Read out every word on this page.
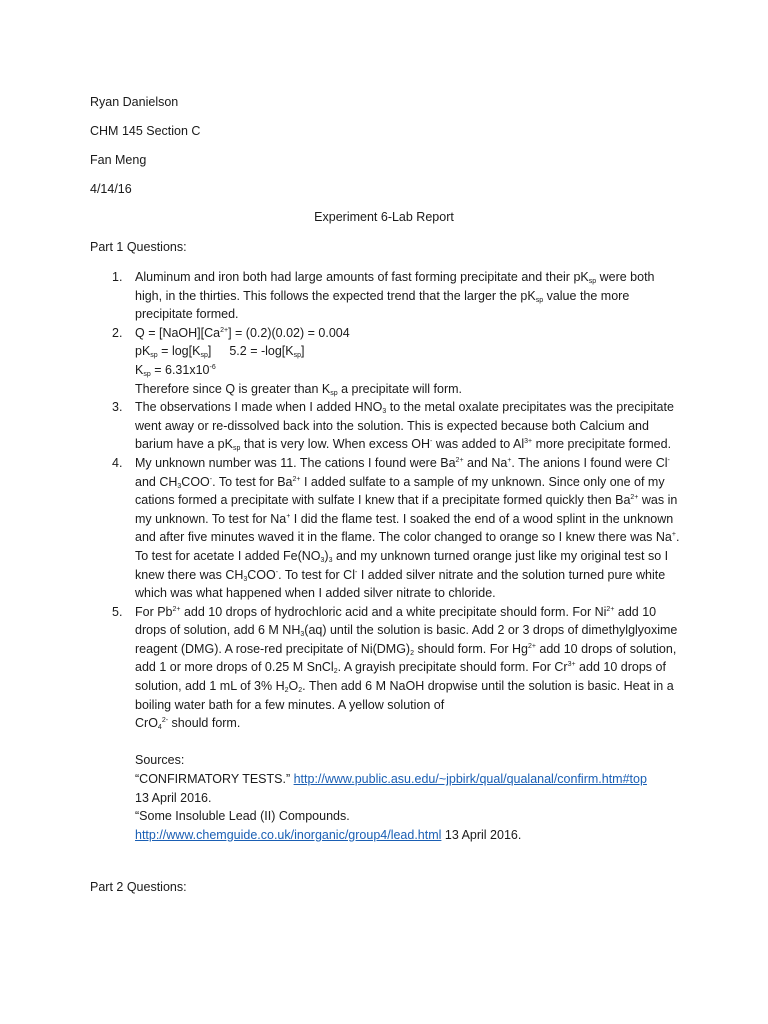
Ryan Danielson
CHM 145 Section C
Fan Meng
4/14/16
Experiment 6-Lab Report
Part 1 Questions:
1. Aluminum and iron both had large amounts of fast forming precipitate and their $pK_{sp}$ were both high, in the thirties. This follows the expected trend that the larger the $pK_{sp}$ value the more precipitate formed.
2. $Q = [NaOH][Ca^{2+}] = (0.2)(0.02) = 0.004$
$pK_{sp} = \log[K_{sp}] 5.2 = -\log[K_{sp}]$
$K_{sp} = 6.31x10^{-6}$
Therefore since Q is greater than $K_{sp}$ a precipitate will form.
3. The observations I made when I added $HNO_3$ to the metal oxalate precipitates was the precipitate went away or re-dissolved back into the solution. This is expected because both Calcium and barium have a $pK_{sp}$ that is very low. When excess OH- was added to $Al^{3+}$ more precipitate formed.
4. My unknown number was 11. The cations I found were $Ba^{2+}$ and Na+. The anions I found were Cl- and $CH_3COO^-$. To test for $Ba^{2+}$ I added sulfate to a sample of my unknown. Since only one of my cations formed a precipitate with sulfate I knew that if a precipitate formed quickly then $Ba^{2+}$ was in my unknown. To test for Na+ I did the flame test. I soaked the end of a wood splint in the unknown and after five minutes waved it in the flame. The color changed to orange so I knew there was Na+. To test for acetate I added $Fe(NO_3)_3$ and my unknown turned orange just like my original test so I knew there was $CH_3COO^-$. To test for Cl- I added silver nitrate and the solution turned pure white which was what happened when I added silver nitrate to chloride.
5. For $Pb^{2+}$ add 10 drops of hydrochloric acid and a white precipitate should form. For $Ni^{2+}$ add 10 drops of solution, add 6 M $NH_3(aq)$ until the solution is basic. Add 2 or 3 drops of dimethylglyoxime reagent (DMG). A rose-red precipitate of $Ni(DMG)_2$ should form. For $Hg^{2+}$ add 10 drops of solution, add 1 or more drops of 0.25 M SnCl$_2$. A grayish precipitate should form. For $Cr^{3+}$ add 10 drops of solution, add 1 mL of 3% $H_2O_2$. Then add 6 M NaOH dropwise until the solution is basic. Heat in a boiling water bath for a few minutes. A yellow solution of
CrO$_4^{2-}$ should form.
Sources:
“CONFIRMATORY TESTS.” http://www.public.asu.edu/~jpbirk/qual/qualanal/confirm.htm#top
13 April 2016.
“Some Insoluble Lead (II) Compounds.
http://www.chemguide.co.uk/inorganic/group4/lead.html 13 April 2016.
Part 2 Questions:
